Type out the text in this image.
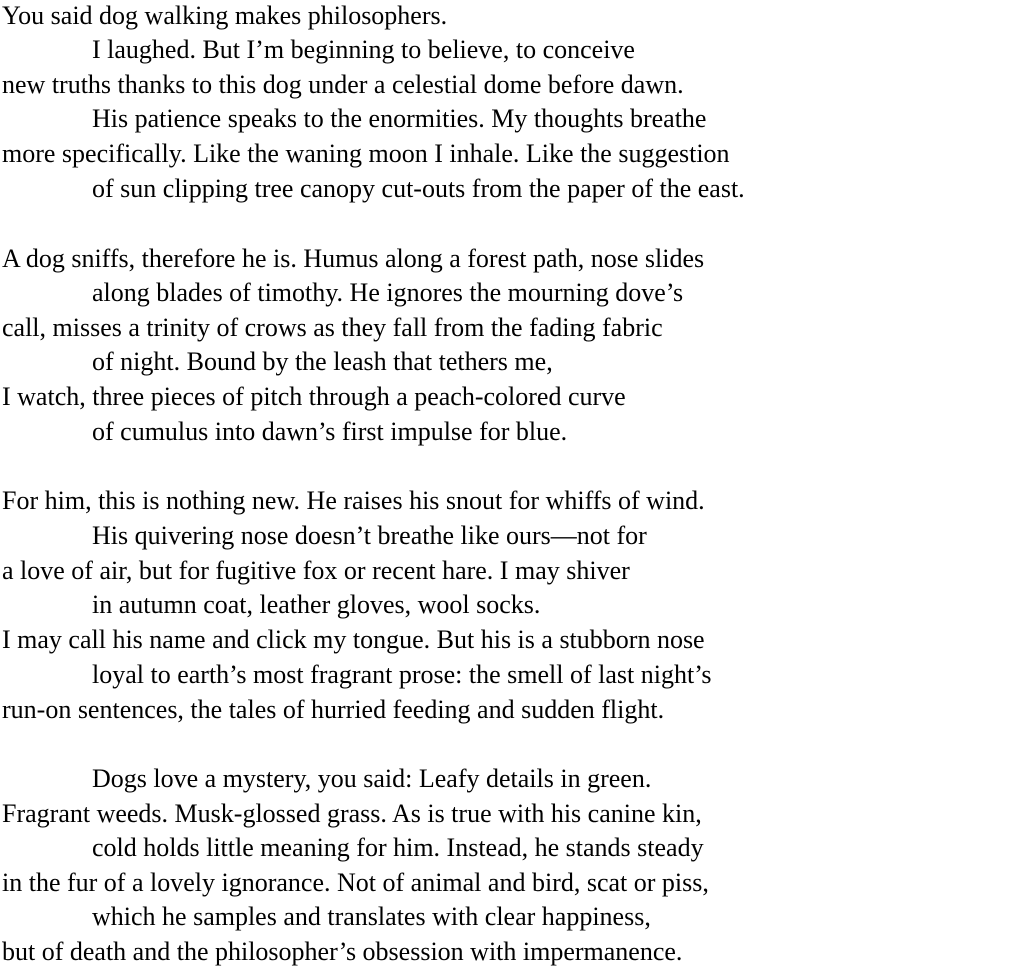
You said dog walking makes philosophers.
I laughed. But I’m beginning to believe, to conceive
new truths thanks to this dog under a celestial dome before dawn.
His patience speaks to the enormities. My thoughts breathe
more specifically. Like the waning moon I inhale. Like the suggestion
of sun clipping tree canopy cut-outs from the paper of the east.
A dog sniffs, therefore he is. Humus along a forest path, nose slides
along blades of timothy. He ignores the mourning dove’s
call, misses a trinity of crows as they fall from the fading fabric
of night. Bound by the leash that tethers me,
I watch, three pieces of pitch through a peach-colored curve
of cumulus into dawn’s first impulse for blue.
For him, this is nothing new. He raises his snout for whiffs of wind.
His quivering nose doesn’t breathe like ours—not for
a love of air, but for fugitive fox or recent hare. I may shiver
in autumn coat, leather gloves, wool socks.
I may call his name and click my tongue. But his is a stubborn nose
loyal to earth’s most fragrant prose: the smell of last night’s
run-on sentences, the tales of hurried feeding and sudden flight.
Dogs love a mystery, you said: Leafy details in green.
Fragrant weeds. Musk-glossed grass. As is true with his canine kin,
cold holds little meaning for him. Instead, he stands steady
in the fur of a lovely ignorance. Not of animal and bird, scat or piss,
which he samples and translates with clear happiness,
but of death and the philosopher’s obsession with impermanence.
